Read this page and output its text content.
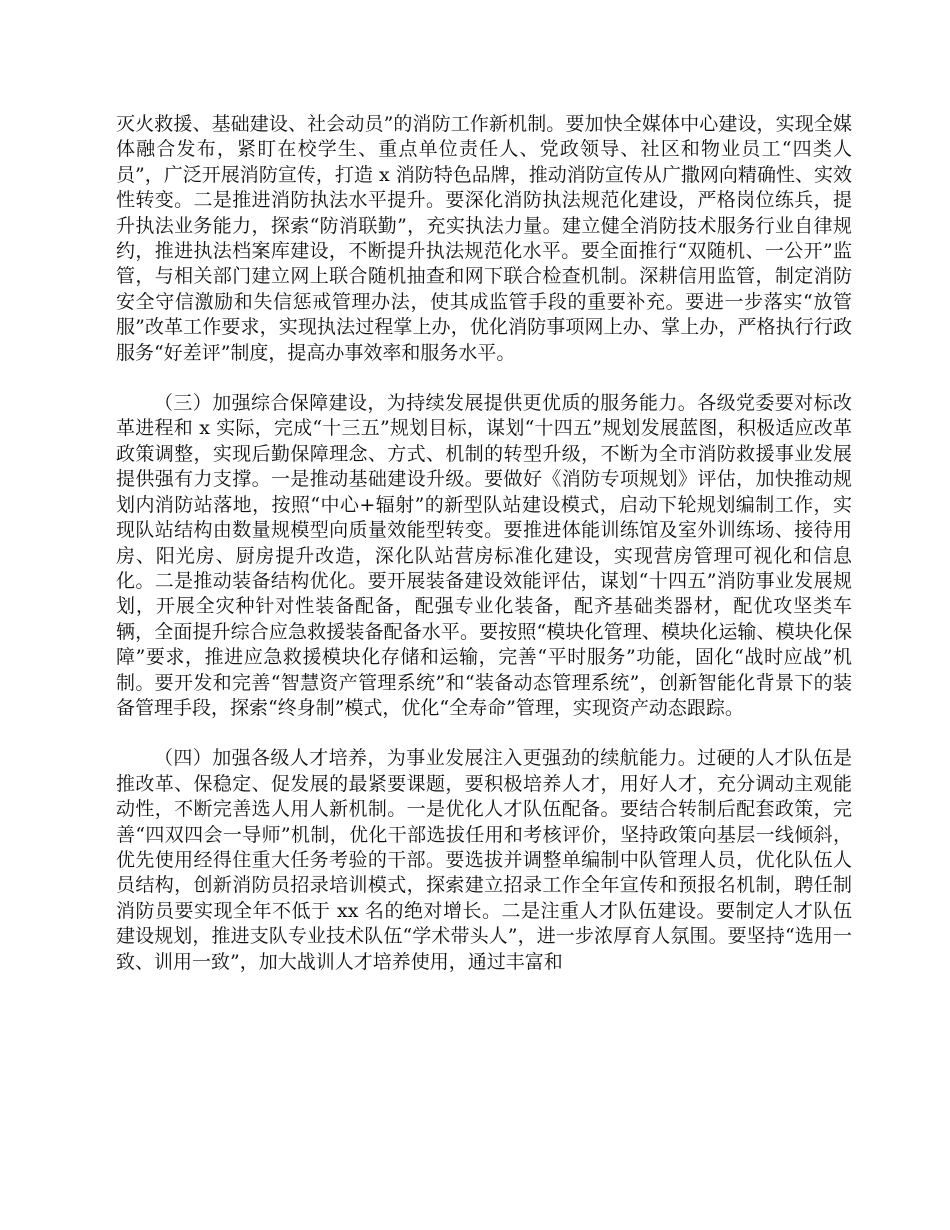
灭火救援、基础建设、社会动员”的消防工作新机制。要加快全媒体中心建设，实现全媒体融合发布，紧盯在校学生、重点单位责任人、党政领导、社区和物业员工“四类人员”，广泛开展消防宣传，打造 x 消防特色品牌，推动消防宣传从广撒网向精确性、实效性转变。二是推进消防执法水平提升。要深化消防执法规范化建设，严格岗位练兵，提升执法业务能力，探索“防消联勤”，充实执法力量。建立健全消防技术服务行业自律规约，推进执法档案库建设，不断提升执法规范化水平。要全面推行“双随机、一公开”监管，与相关部门建立网上联合随机抽查和网下联合检查机制。深耕信用监管，制定消防安全守信激励和失信惩戒管理办法，使其成监管手段的重要补充。要进一步落实“放管服”改革工作要求，实现执法过程掌上办，优化消防事项网上办、掌上办，严格执行行政服务“好差评”制度，提高办事效率和服务水平。

（三）加强综合保障建设，为持续发展提供更优质的服务能力。各级党委要对标改革进程和 x 实际，完成“十三五”规划目标，谋划“十四五”规划发展蓝图，积极适应改革政策调整，实现后勤保障理念、方式、机制的转型升级，不断为全市消防救援事业发展提供强有力支撑。一是推动基础建设升级。要做好《消防专项规划》评估，加快推动规划内消防站落地，按照“中心+辐射”的新型队站建设模式，启动下轮规划编制工作，实现队站结构由数量规模型向质量效能型转变。要推进体能训练馆及室外训练场、接待用房、阳光房、厨房提升改造，深化队站营房标准化建设，实现营房管理可视化和信息化。二是推动装备结构优化。要开展装备建设效能评估，谋划“十四五”消防事业发展规划，开展全灾种针对性装备配备，配强专业化装备，配齐基础类器材，配优攻坚类车辆，全面提升综合应急救援装备配备水平。要按照“模块化管理、模块化运输、模块化保障”要求，推进应急救援模块化存储和运输，完善“平时服务”功能，固化“战时应战”机制。要开发和完善“智慧资产管理系统”和“装备动态管理系统”，创新智能化背景下的装备管理手段，探索“终身制”模式，优化“全寿命”管理，实现资产动态跟踪。

（四）加强各级人才培养，为事业发展注入更强劲的续航能力。过硬的人才队伍是推改革、保稳定、促发展的最紧要课题，要积极培养人才，用好人才，充分调动主观能动性，不断完善选人用人新机制。一是优化人才队伍配备。要结合转制后配套政策，完善“四双四会一导师”机制，优化干部选拔任用和考核评价，坚持政策向基层一线倾斜，优先使用经得住重大任务考验的干部。要选拔并调整单编制中队管理人员，优化队伍人员结构，创新消防员招录培训模式，探索建立招录工作全年宣传和预报名机制，聘任制消防员要实现全年不低于 xx 名的绝对增长。二是注重人才队伍建设。要制定人才队伍建设规划，推进支队专业技术队伍“学术带头人”，进一步浓厚育人氛围。要坚持“选用一致、训用一致”，加大战训人才培养使用，通过丰富和
